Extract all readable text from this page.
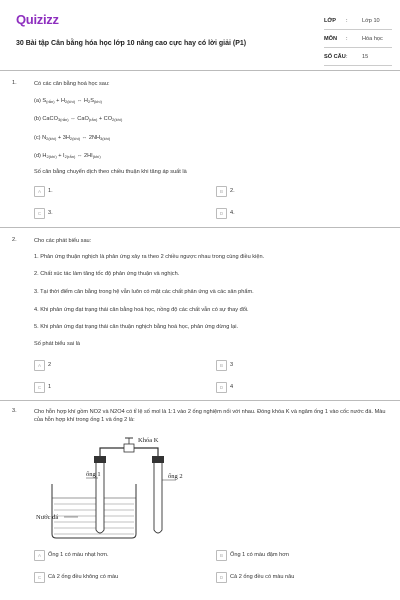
Quizizz
30 Bài tập Cân bằng hóa học lớp 10 nâng cao cực hay có lời giải (P1)
LỚP :	Lớp 10
MÔN :	Hóa học
SỐ CÂU :	15
1.	Có các cân bằng hoá học sau:
(a) $S_{(rắn)} + H_{2(khí)}$ ⇔ $H_2S_{(khí)}$
(b) CaCO$_{3(rắn)}$ ⇔ $CaO_{(rắn)} + CO_{2(khí)}$
(c) $N_{2(khí)} + 3H_{2(khí)}$ ⇔ $2NH_{3(khí)}$
(d) $H_{2(khí)} + I_{2(rắn)}$ ⇔ $2HI_{(khí)}$
Số cân bằng chuyển dịch theo chiều thuận khi tăng áp suất là
A	1.	B	2.
C	3.	D	4.
2.	Cho các phát biểu sau:
1. Phản ứng thuận nghịch là phản ứng xảy ra theo 2 chiều ngược nhau trong cùng điều kiện.
2. Chất xúc tác làm tăng tốc độ phản ứng thuận và nghịch.
3. Tại thời điểm cân bằng trong hệ vẫn luôn có mặt các chất phản ứng và các sản phẩm.
4. Khi phản ứng đạt trạng thái cân bằng hoá học, nồng độ các chất vẫn có sự thay đổi.
5. Khi phản ứng đạt trạng thái cân thuận nghịch bằng hoá học, phản ứng dừng lại.
Số phát biểu sai là
A	2	B	3
C	1	D	4
3.	Cho hỗn hợp khí gồm NO2 và N2O4 có tỉ lệ số mol là 1:1 vào 2 ống nghiệm nối với nhau. Đóng khóa K và ngâm ống 1 vào cốc nước đá. Màu của hỗn hợp khí trong ống 1 và ống 2 là:
Khóa K
ống 1	ống 2
Nước đá
A	Ống 1 có màu nhạt hơn.	B	Ống 1 có màu đậm hơn
C	Cả 2 ống đều không có màu	D	Cả 2 ống đều có màu nâu
